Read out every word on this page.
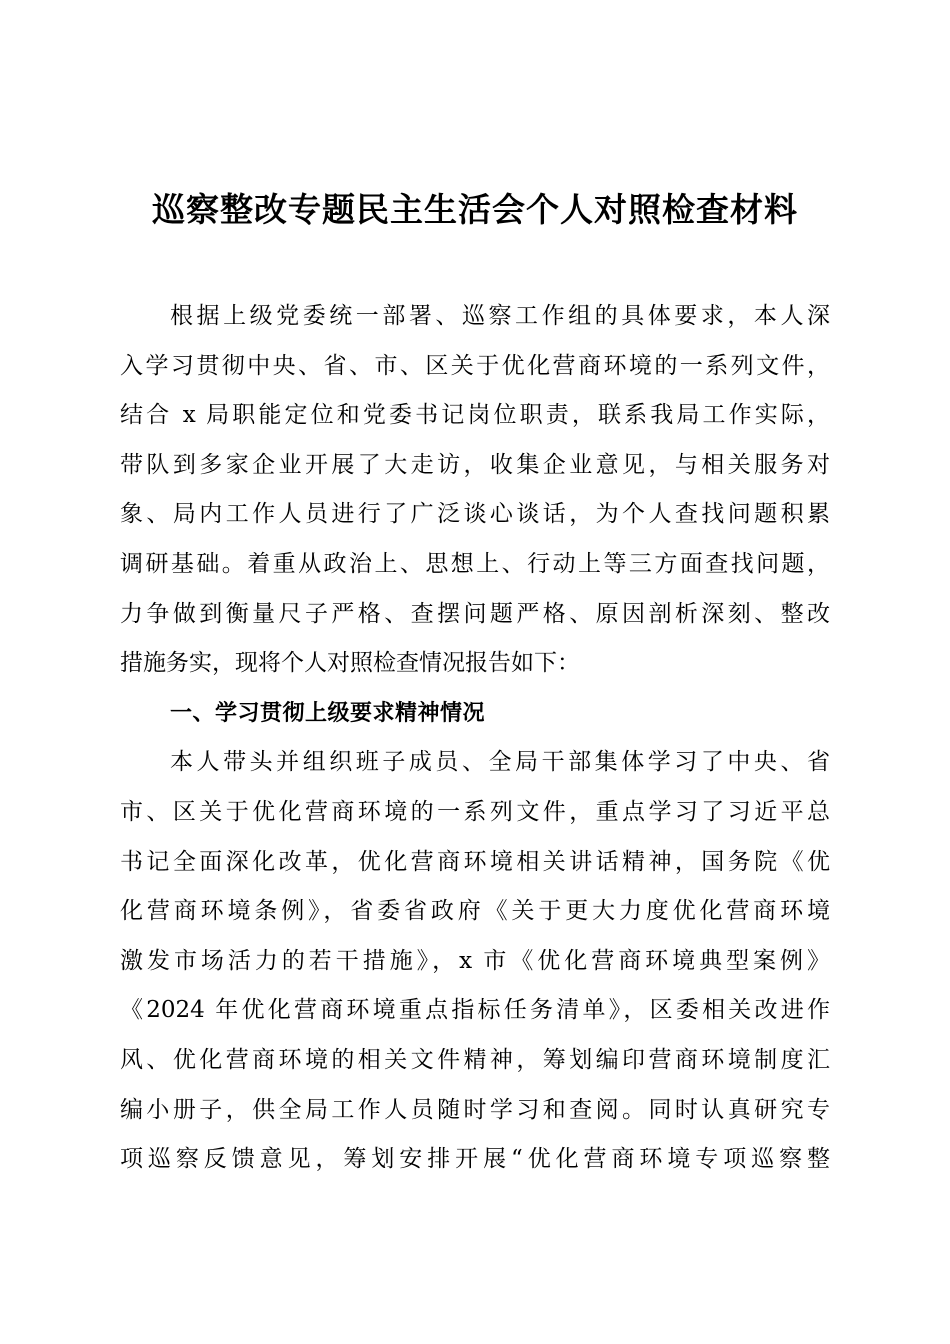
巡察整改专题民主生活会个人对照检查材料
根据上级党委统一部署、巡察工作组的具体要求，本人深
入学习贯彻中央、省、市、区关于优化营商环境的一系列文件，
结合 x 局职能定位和党委书记岗位职责，联系我局工作实际，
带队到多家企业开展了大走访，收集企业意见，与相关服务对
象、局内工作人员进行了广泛谈心谈话，为个人查找问题积累
调研基础。着重从政治上、思想上、行动上等三方面查找问题，
力争做到衡量尺子严格、查摆问题严格、原因剖析深刻、整改
措施务实，现将个人对照检查情况报告如下：
一、学习贯彻上级要求精神情况
本人带头并组织班子成员、全局干部集体学习了中央、省
市、区关于优化营商环境的一系列文件，重点学习了习近平总
书记全面深化改革，优化营商环境相关讲话精神，国务院《优
化营商环境条例》，省委省政府《关于更大力度优化营商环境
激发市场活力的若干措施》，x 市《优化营商环境典型案例》
《2024 年优化营商环境重点指标任务清单》，区委相关改进作
风、优化营商环境的相关文件精神，筹划编印营商环境制度汇
编小册子，供全局工作人员随时学习和查阅。同时认真研究专
项巡察反馈意见，筹划安排开展“优化营商环境专项巡察整
